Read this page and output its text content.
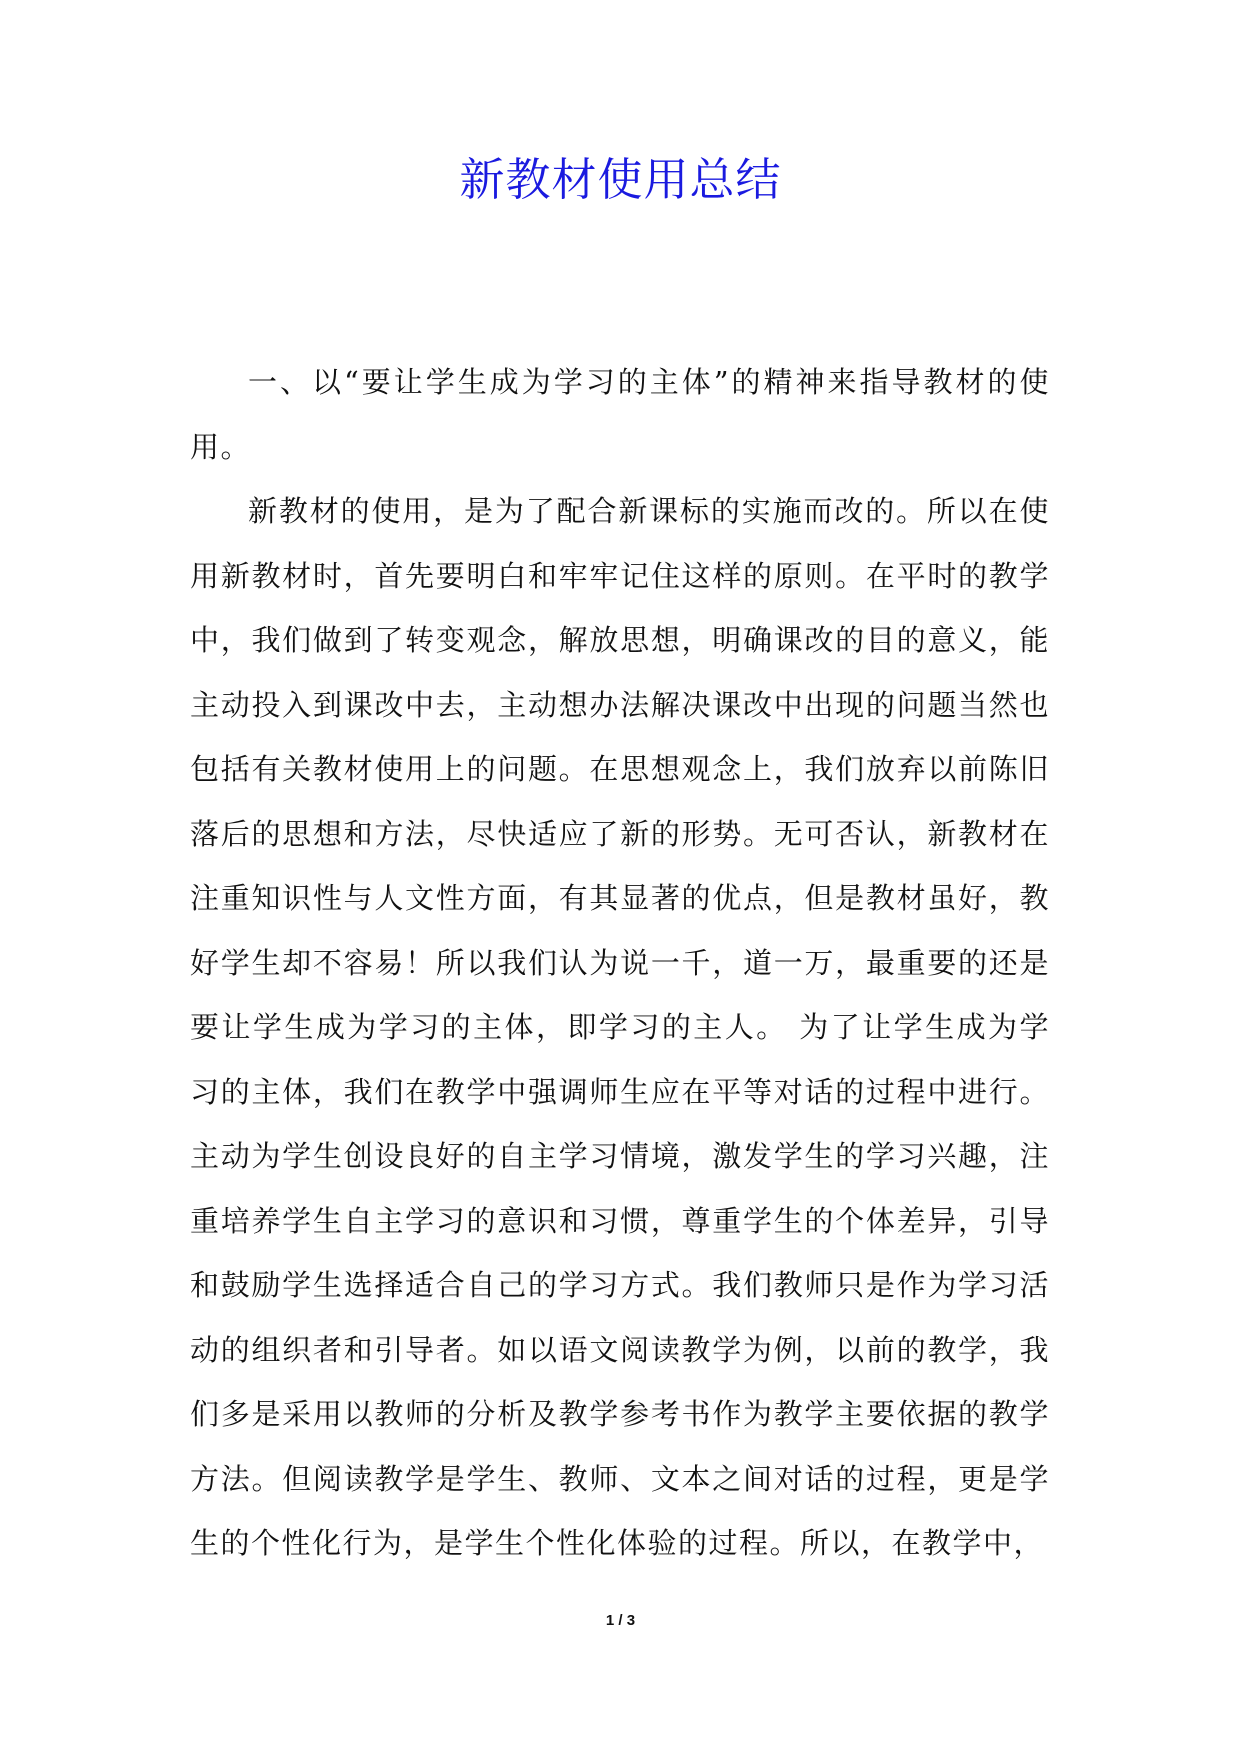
新教材使用总结

一、以“要让学生成为学习的主体”的精神来指导教材的使用。

新教材的使用，是为了配合新课标的实施而改的。所以在使用新教材时，首先要明白和牢牢记住这样的原则。在平时的教学中，我们做到了转变观念，解放思想，明确课改的目的意义，能主动投入到课改中去，主动想办法解决课改中出现的问题当然也包括有关教材使用上的问题。在思想观念上，我们放弃以前陈旧落后的思想和方法，尽快适应了新的形势。无可否认，新教材在注重知识性与人文性方面，有其显著的优点，但是教材虽好，教好学生却不容易！所以我们认为说一千，道一万，最重要的还是要让学生成为学习的主体，即学习的主人。 为了让学生成为学习的主体，我们在教学中强调师生应在平等对话的过程中进行。主动为学生创设良好的自主学习情境，激发学生的学习兴趣，注重培养学生自主学习的意识和习惯，尊重学生的个体差异，引导和鼓励学生选择适合自己的学习方式。我们教师只是作为学习活动的组织者和引导者。如以语文阅读教学为例，以前的教学，我们多是采用以教师的分析及教学参考书作为教学主要依据的教学方法。但阅读教学是学生、教师、文本之间对话的过程，更是学生的个性化行为，是学生个性化体验的过程。所以，在教学中，

1 / 3
